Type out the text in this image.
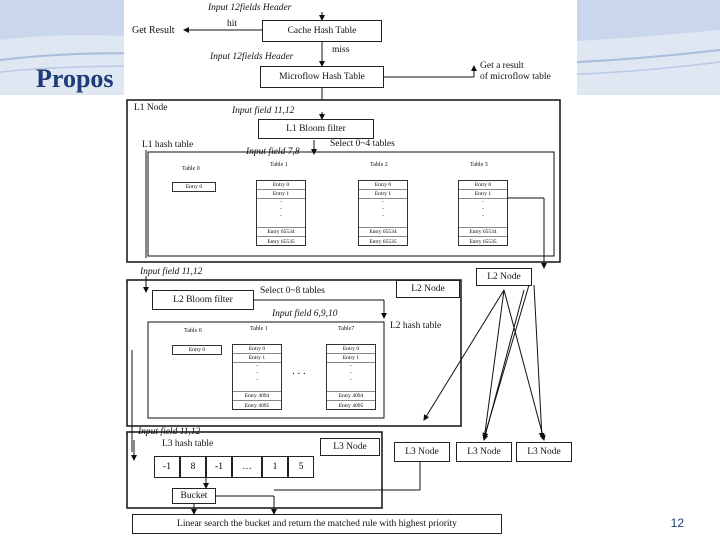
Propos
Input 12fields Header
hit
Get Result	Cache Hash Table
Input 12fields Header
miss
Microflow Hash Table
Get a result
of microflow table
L1 Node	Input field 11,12
L1 Bloom filter
L1 hash table	Select 0~4 tables
Input field 7,8
Table 0
Entry 0
Table 1
Entry 0
Entry 1
·
·
·
Entry 65534
Entry 65535
Table 2
Entry 0
Entry 1
·
·
·
Entry 65534
Entry 65535
Table 3
Entry 0
Entry 1
·
·
·
Entry 65534
Entry 65535
Input field 11,12	L2 Node
L2 Bloom filter
Select 0~8 tables	L2 Node
Input field 6,9,10
L2 hash table
Table 0
Entry 0
Table 1
Entry 0
Entry 1
·
·
·
Entry 4094
Entry 4095
. . .
Table7
Entry 0
Entry 1
·
·
·
Entry 4094
Entry 4095
Input field 11,12
L3 hash table	L3 Node
-1	8	-1	…	1	5
Bucket
L3 Node	L3 Node	L3 Node
Linear search the bucket and return the matched rule with highest priority	12
